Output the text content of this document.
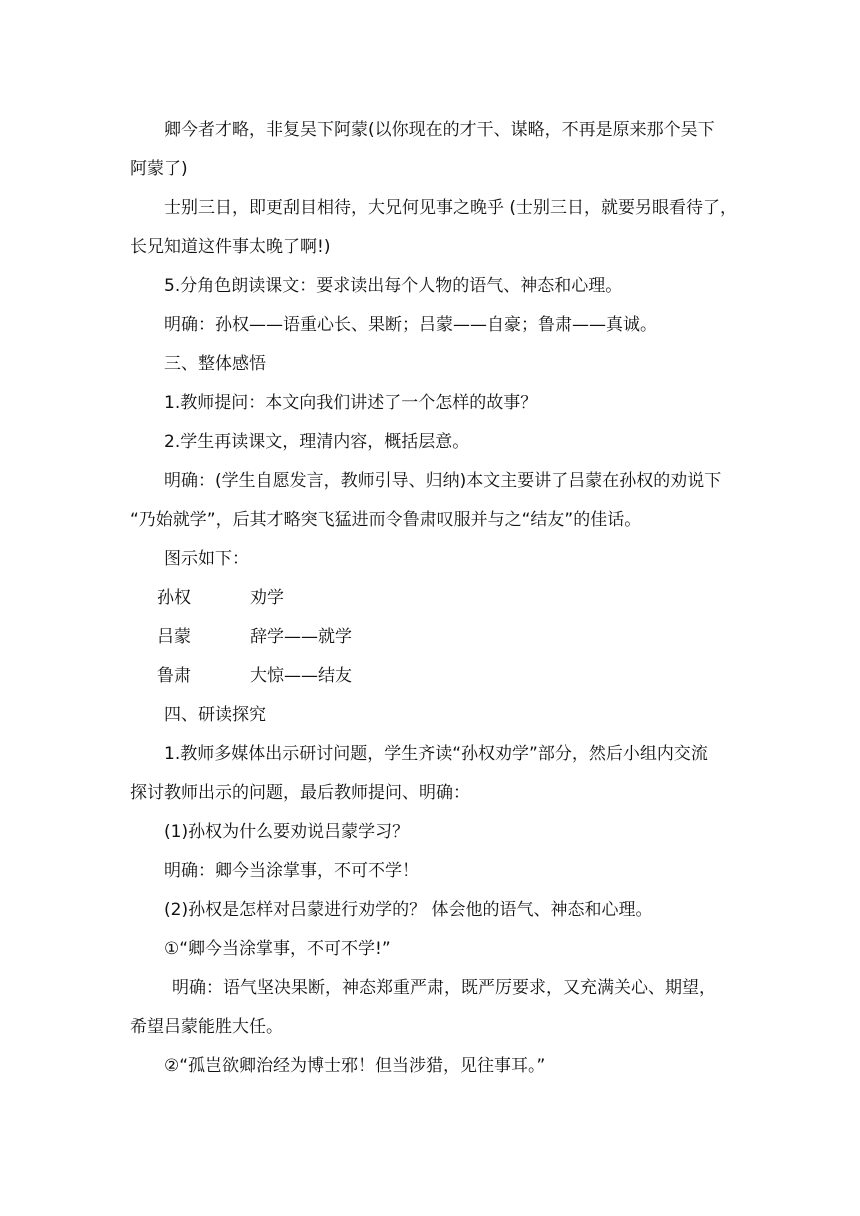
卿今者才略，非复吴下阿蒙(以你现在的才干、谋略，不再是原来那个吴下
阿蒙了)
士别三日，即更刮目相待，大兄何见事之晚乎 (士别三日，就要另眼看待了，
长兄知道这件事太晚了啊!)
5.分角色朗读课文：要求读出每个人物的语气、神态和心理。
明确：孙权——语重心长、果断；吕蒙——自豪；鲁肃——真诚。
三、整体感悟
1.教师提问：本文向我们讲述了一个怎样的故事？
2.学生再读课文，理清内容，概括层意。
明确：(学生自愿发言，教师引导、归纳)本文主要讲了吕蒙在孙权的劝说下
“乃始就学”，后其才略突飞猛进而令鲁肃叹服并与之“结友”的佳话。
图示如下：
孙权	劝学
吕蒙	辞学——就学
鲁肃	大惊——结友
四、研读探究
1.教师多媒体出示研讨问题，学生齐读“孙权劝学”部分，然后小组内交流
探讨教师出示的问题，最后教师提问、明确：
(1)孙权为什么要劝说吕蒙学习？
明确：卿今当涂掌事，不可不学！
(2)孙权是怎样对吕蒙进行劝学的？ 体会他的语气、神态和心理。
①“卿今当涂掌事，不可不学!”
明确：语气坚决果断，神态郑重严肃，既严厉要求，又充满关心、期望，
希望吕蒙能胜大任。
②“孤岂欲卿治经为博士邪！但当涉猎，见往事耳。”
